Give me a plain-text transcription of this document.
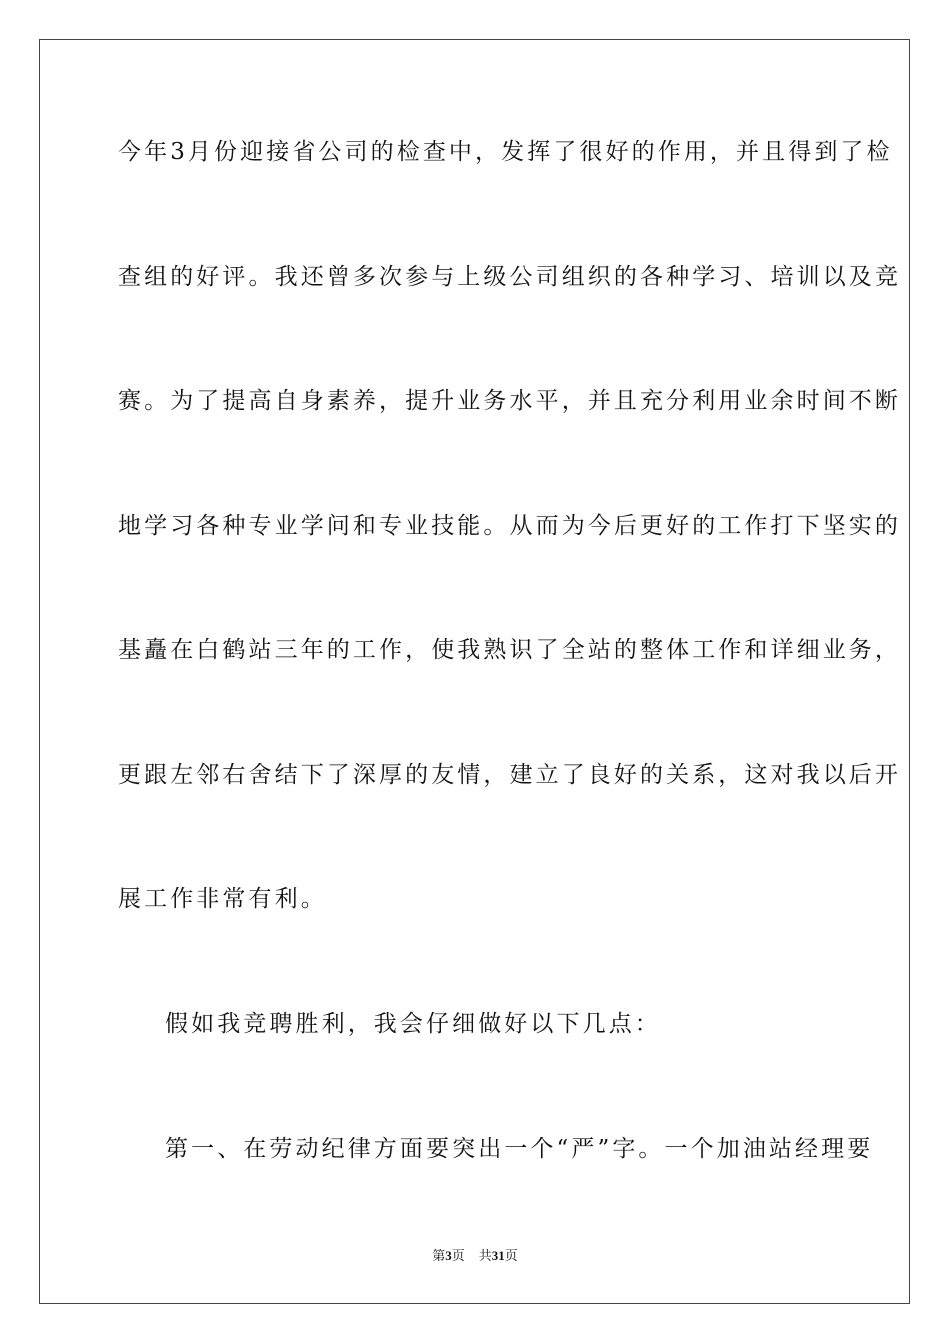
今年3月份迎接省公司的检查中，发挥了很好的作用，并且得到了检
查组的好评。我还曾多次参与上级公司组织的各种学习、培训以及竞
赛。为了提高自身素养，提升业务水平，并且充分利用业余时间不断
地学习各种专业学问和专业技能。从而为今后更好的工作打下坚实的
基矗在白鹤站三年的工作，使我熟识了全站的整体工作和详细业务，
更跟左邻右舍结下了深厚的友情，建立了良好的关系，这对我以后开
展工作非常有利。
假如我竞聘胜利，我会仔细做好以下几点：
第一、在劳动纪律方面要突出一个“严”字。一个加油站经理要
第3页 共31页
